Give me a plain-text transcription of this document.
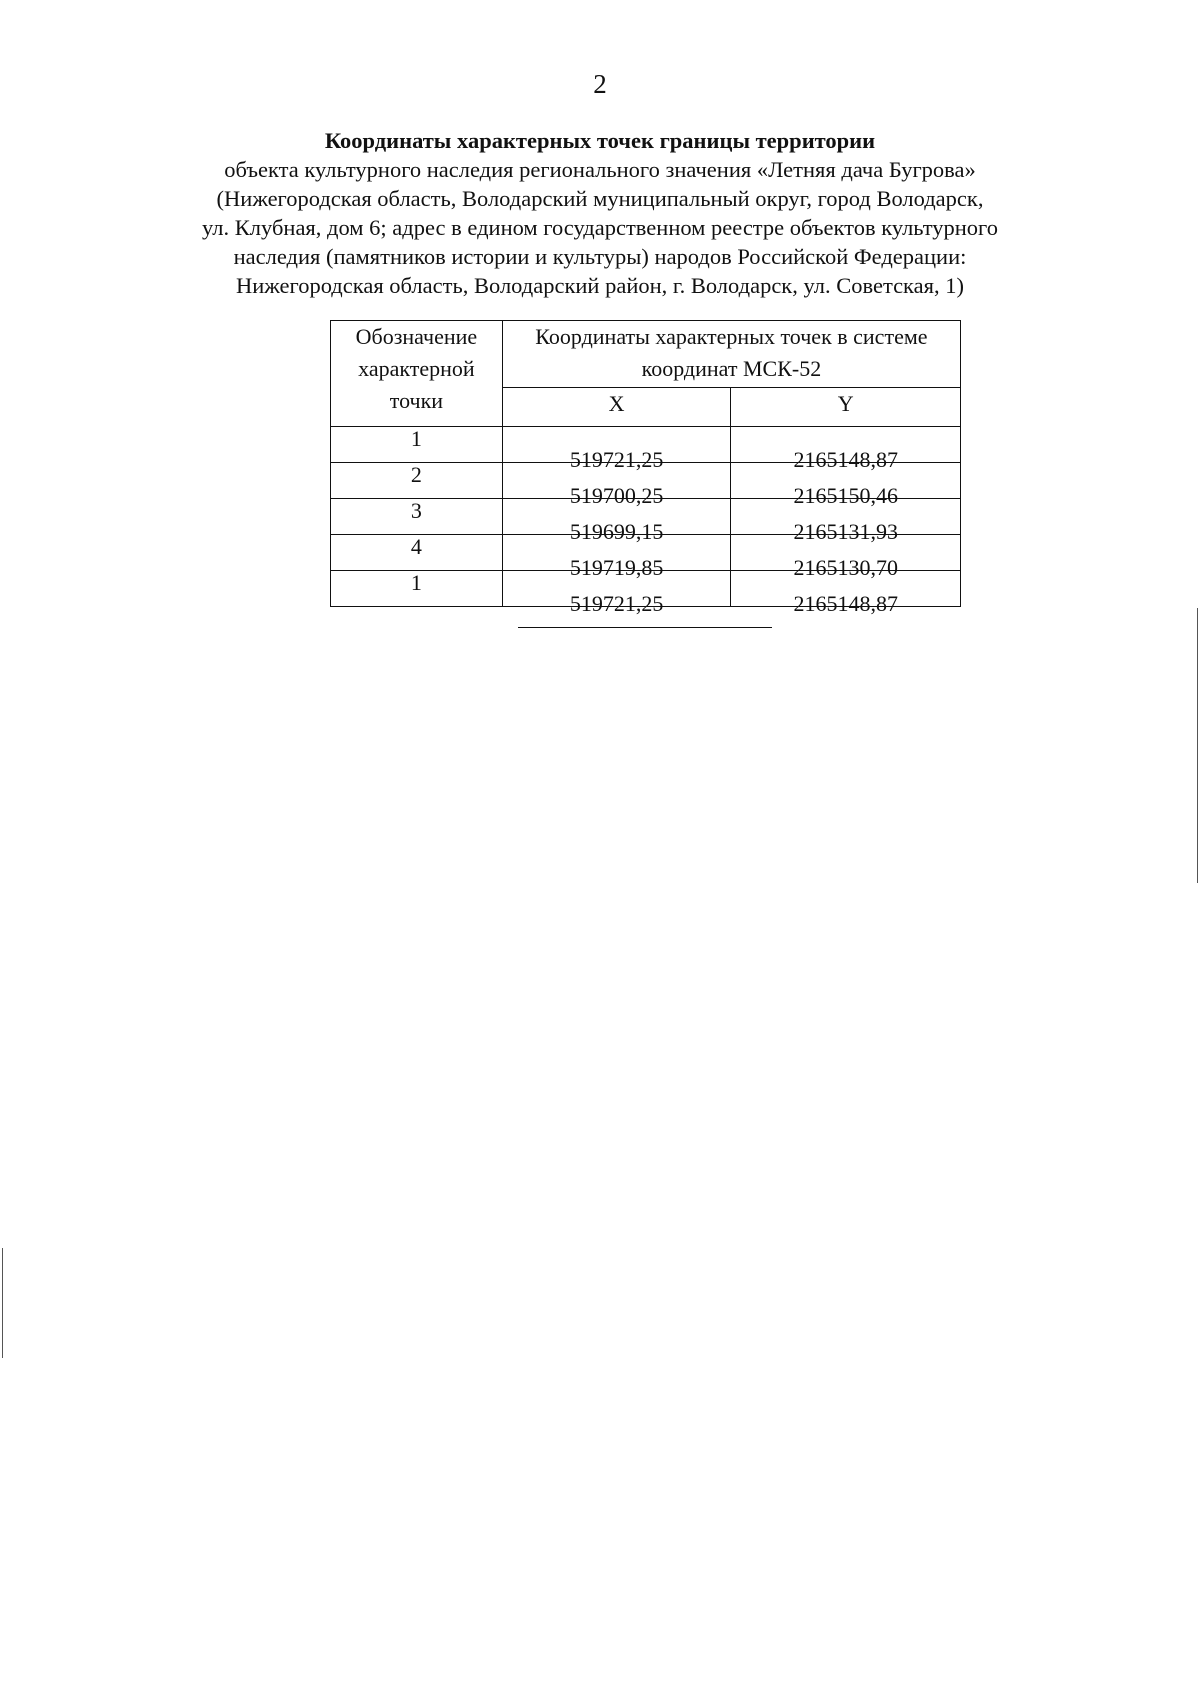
2
Координаты характерных точек границы территории
объекта культурного наследия регионального значения «Летняя дача Бугрова»
(Нижегородская область, Володарский муниципальный округ, город Володарск,
ул. Клубная, дом 6; адрес в едином государственном реестре объектов культурного
наследия (памятников истории и культуры) народов Российской Федерации:
Нижегородская область, Володарский район, г. Володарск, ул. Советская, 1)
Обозначение характерной точки	Координаты характерных точек в системе координат МСК-52	
	X	Y
1	519721,25	2165148,87
2	519700,25	2165150,46
3	519699,15	2165131,93
4	519719,85	2165130,70
1	519721,25	2165148,87
